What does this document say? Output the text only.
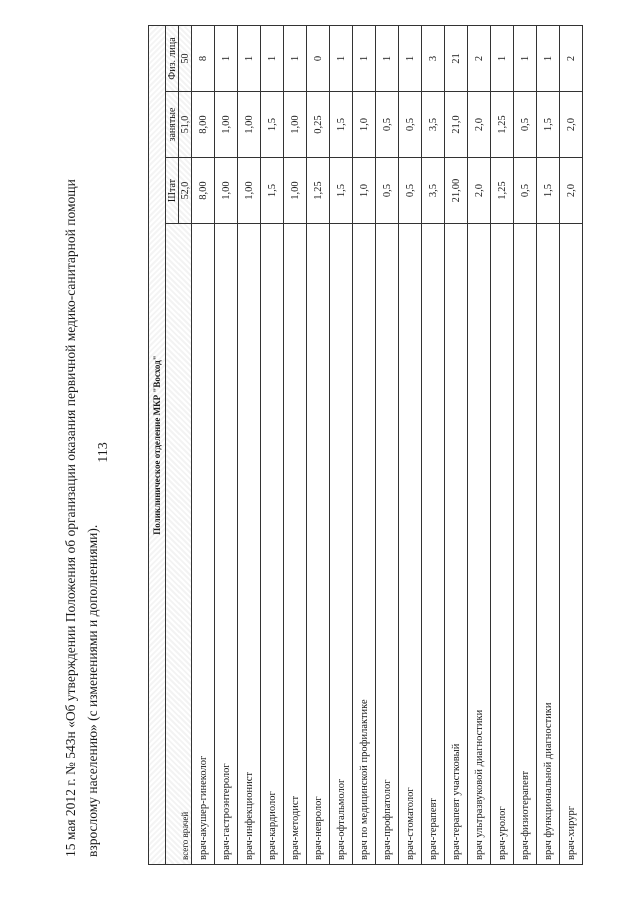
113
15 мая 2012 г. № 543н «Об утверждении Положения об организации оказания первичной медико-санитарной помощи взрослому населению» (с изменениями и дополнениями).
Поликлиническое отделение МКР "Восход"			
	Штат	занятые	Физ. лица
всего врачей	52,0	51,0	50
врач-акушер-гинеколог	8,00	8,00	8
врач-гастроэнтеролог	1,00	1,00	1
врач-инфекционист	1,00	1,00	1
врач-кардиолог	1,5	1,5	1
врач-методист	1,00	1,00	1
врач-невролог	1,25	0,25	0
врач-офтальмолог	1,5	1,5	1
врач по медицинской профилактике	1,0	1,0	1
врач-профпатолог	0,5	0,5	1
врач-стоматолог	0,5	0,5	1
врач-терапевт	3,5	3,5	3
врач-терапевт участковый	21,00	21,0	21
врач ультразвуковой диагностики	2,0	2,0	2
врач-уролог	1,25	1,25	1
врач-физиотерапевт	0,5	0,5	1
врач функциональной диагностики	1,5	1,5	1
врач-хирург	2,0	2,0	2
